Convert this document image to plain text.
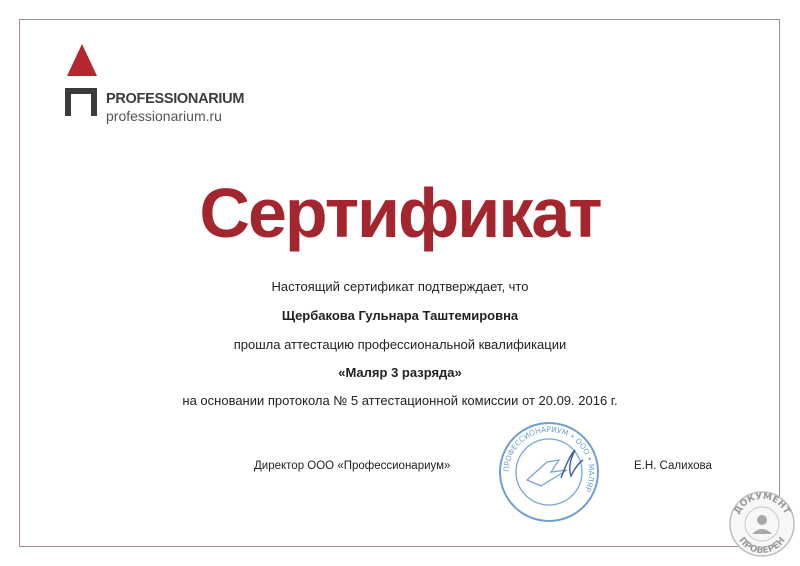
PROFESSIONARIUM
professionarium.ru
Сертификат
Настоящий сертификат подтверждает, что
Щербакова Гульнара Таштемировна
прошла аттестацию профессиональной квалификации
«Маляр 3 разряда»
на основании протокола № 5 аттестационной комиссии от 20.09. 2016 г.
Директор ООО «Профессионариум»	ПРОФЕССИОНАРИУМ • ООО • МАЛЯР
Е.Н. Салихова
ДОКУМЕНТ
ПРОВЕРЕН
